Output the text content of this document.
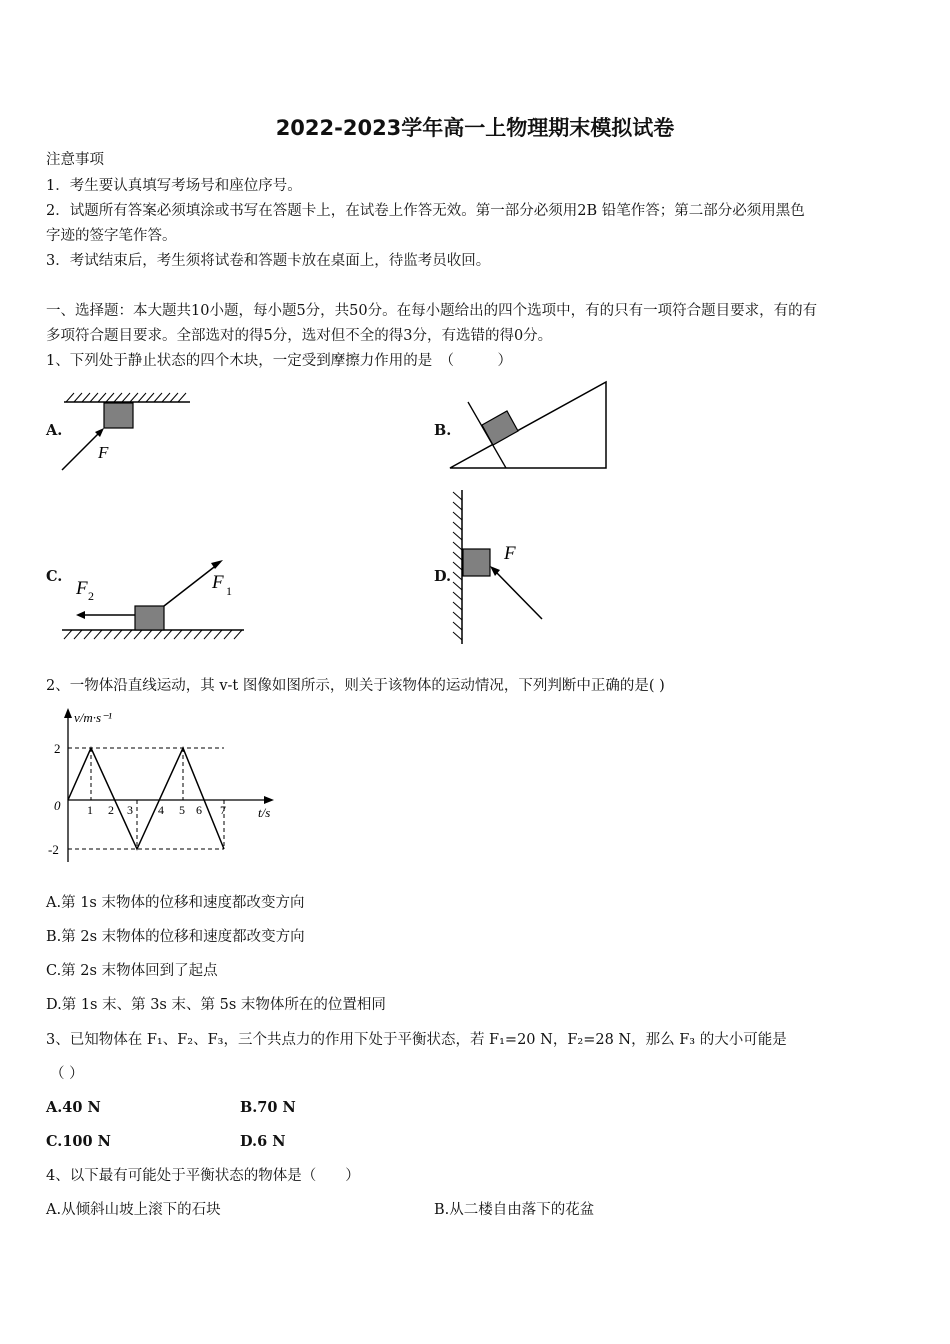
2022-2023学年高一上物理期末模拟试卷
注意事项
1．考生要认真填写考场号和座位序号。
2．试题所有答案必须填涂或书写在答题卡上，在试卷上作答无效。第一部分必须用2B 铅笔作答；第二部分必须用黑色
字迹的签字笔作答。
3．考试结束后，考生须将试卷和答题卡放在桌面上，待监考员收回。
一、选择题：本大题共10小题，每小题5分，共50分。在每小题给出的四个选项中，有的只有一项符合题目要求，有的有
多项符合题目要求。全部选对的得5分，选对但不全的得3分，有选错的得0分。
1、下列处于静止状态的四个木块，一定受到摩擦力作用的是　（　　　）
A.
F
B.
C.
F 2
F 1
D.
F
2、一物体沿直线运动，其 v-t 图像如图所示，则关于该物体的运动情况，下列判断中正确的是( )
v/m·s⁻¹
t/s
0
2
-2
1 2 3 4 5 6 7
A.第 1s 末物体的位移和速度都改变方向
B.第 2s 末物体的位移和速度都改变方向
C.第 2s 末物体回到了起点
D.第 1s 末、第 3s 末、第 5s 末物体所在的位置相同
3、已知物体在 F₁、F₂、F₃，三个共点力的作用下处于平衡状态，若 F₁=20 N，F₂=28 N，那么 F₃ 的大小可能是
（ ）
A.40 N	B.70 N
C.100 N	D.6 N
4、以下最有可能处于平衡状态的物体是（　　）
A.从倾斜山坡上滚下的石块	B.从二楼自由落下的花盆
